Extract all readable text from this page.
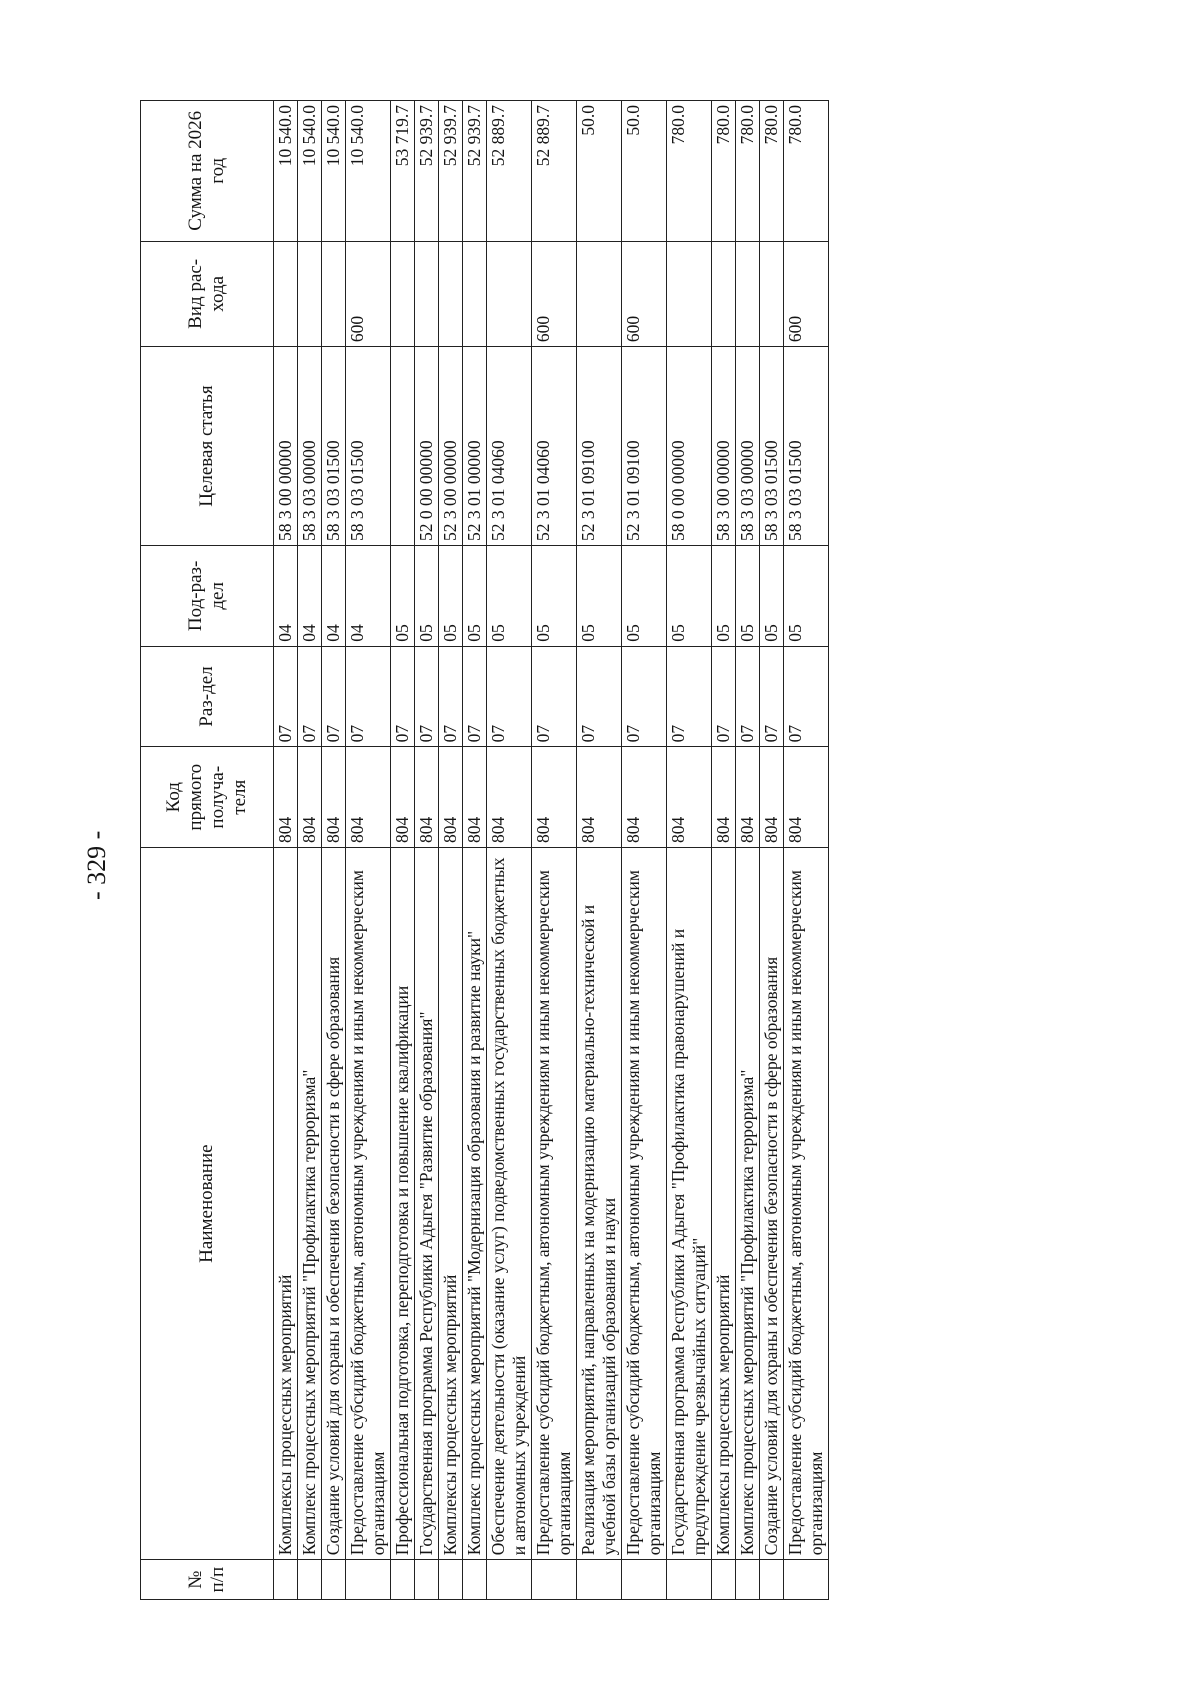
- 329 -
№ п/п	Наименование	Код прямого получа-теля	Раз-дел	Под-раз-дел	Целевая статья	Вид рас-хода	Сумма на 2026 год
	Комплексы процессных мероприятий	804	07	04	58 3 00 00000		10 540.0
	Комплекс процессных мероприятий "Профилактика терроризма"	804	07	04	58 3 03 00000		10 540.0
	Создание условий для охраны и обеспечения безопасности в сфере образования	804	07	04	58 3 03 01500		10 540.0
	Предоставление субсидий бюджетным, автономным учреждениям и иным некоммерческим организациям	804	07	04	58 3 03 01500	600	10 540.0
	Профессиональная подготовка, переподготовка и повышение квалификации	804	07	05			53 719.7
	Государственная программа Республики Адыгея "Развитие образования"	804	07	05	52 0 00 00000		52 939.7
	Комплексы процессных мероприятий	804	07	05	52 3 00 00000		52 939.7
	Комплекс процессных мероприятий "Модернизация образования и развитие науки"	804	07	05	52 3 01 00000		52 939.7
	Обеспечение деятельности (оказание услуг) подведомственных государственных бюджетных и автономных учреждений	804	07	05	52 3 01 04060		52 889.7
	Предоставление субсидий бюджетным, автономным учреждениям и иным некоммерческим организациям	804	07	05	52 3 01 04060	600	52 889.7
	Реализация мероприятий, направленных на модернизацию материально-технической и учебной базы организаций образования и науки	804	07	05	52 3 01 09100		50.0
	Предоставление субсидий бюджетным, автономным учреждениям и иным некоммерческим организациям	804	07	05	52 3 01 09100	600	50.0
	Государственная программа Республики Адыгея "Профилактика правонарушений и предупреждение чрезвычайных ситуаций"	804	07	05	58 0 00 00000		780.0
	Комплексы процессных мероприятий	804	07	05	58 3 00 00000		780.0
	Комплекс процессных мероприятий "Профилактика терроризма"	804	07	05	58 3 03 00000		780.0
	Создание условий для охраны и обеспечения безопасности в сфере образования	804	07	05	58 3 03 01500		780.0
	Предоставление субсидий бюджетным, автономным учреждениям и иным некоммерческим организациям	804	07	05	58 3 03 01500	600	780.0
